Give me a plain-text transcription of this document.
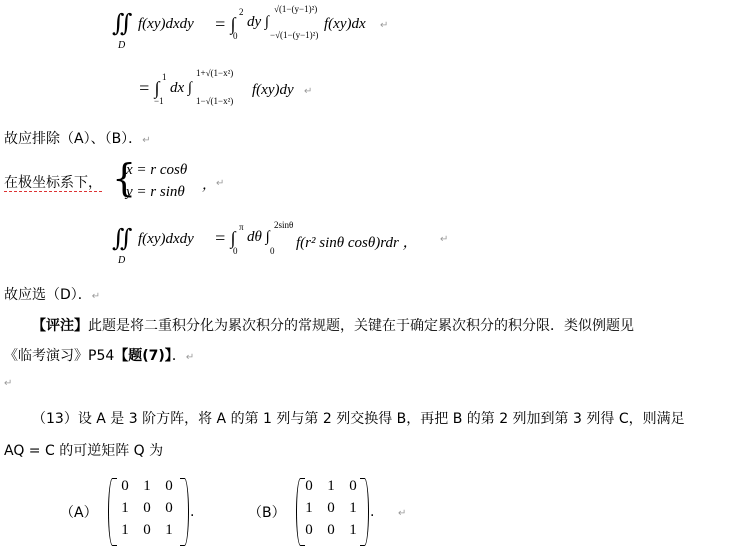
∬
D
f(xy)dxdy = ∫
2
0
dy ∫
√(1−(y−1)²)
−√(1−(y−1)²)
f(xy)dx ↵
= ∫
1
−1
dx ∫
1+√(1−x²)
1−√(1−x²)
f(xy)dy ↵
故应排除（A）、（B）．↵
在极坐标系下， {
x = r cosθ
y = r sinθ ， ↵
∬
D
f(xy)dxdy = ∫
π
0
dθ ∫
2sinθ
0 f(r² sinθ cosθ)rdr ， ↵
故应选（D）．↵
【评注】此题是将二重积分化为累次积分的常规题，关键在于确定累次积分的积分限．类似例题见
《临考演习》P54【题(7)】．↵
↵
（13）设 A 是 3 阶方阵，将 A 的第 1 列与第 2 列交换得 B，再把 B 的第 2 列加到第 3 列得 C，则满足
AQ = C 的可逆矩阵 Q 为
（A）
0 1 0
1 0 0
1 0 1
.	（B）
0 1 0
1 0 1
0 0 1
. ↵
